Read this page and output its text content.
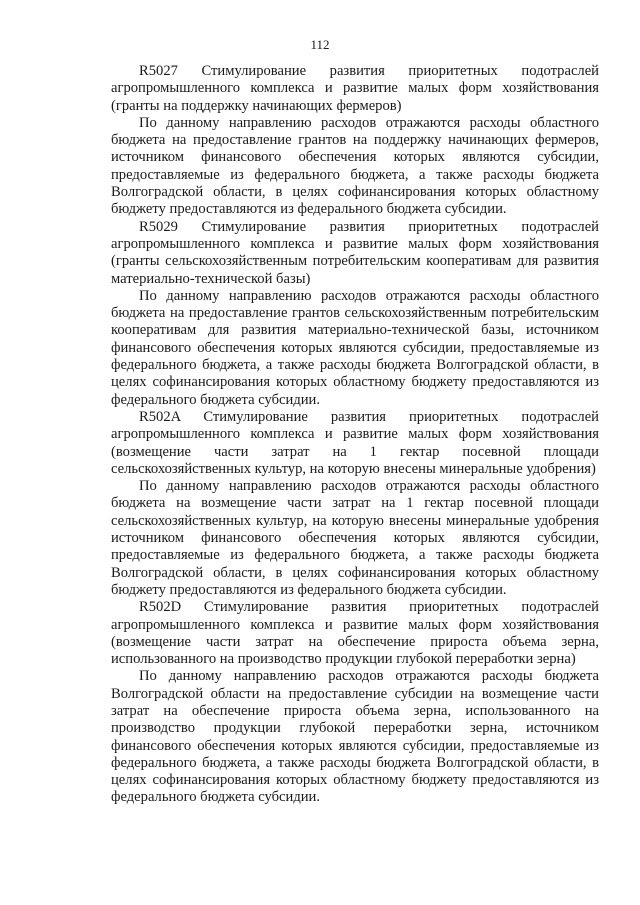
112

R5027 Стимулирование развития приоритетных подотраслей агропромышленного комплекса и развитие малых форм хозяйствования (гранты на поддержку начинающих фермеров)

По данному направлению расходов отражаются расходы областного бюджета на предоставление грантов на поддержку начинающих фермеров, источником финансового обеспечения которых являются субсидии, предоставляемые из федерального бюджета, а также расходы бюджета Волгоградской области, в целях софинансирования которых областному бюджету предоставляются из федерального бюджета субсидии.

R5029 Стимулирование развития приоритетных подотраслей агропромышленного комплекса и развитие малых форм хозяйствования (гранты сельскохозяйственным потребительским кооперативам для развития материально-технической базы)

По данному направлению расходов отражаются расходы областного бюджета на предоставление грантов сельскохозяйственным потребительским кооперативам для развития материально-технической базы, источником финансового обеспечения которых являются субсидии, предоставляемые из федерального бюджета, а также расходы бюджета Волгоградской области, в целях софинансирования которых областному бюджету предоставляются из федерального бюджета субсидии.

R502A Стимулирование развития приоритетных подотраслей агропромышленного комплекса и развитие малых форм хозяйствования (возмещение части затрат на 1 гектар посевной площади сельскохозяйственных культур, на которую внесены минеральные удобрения)

По данному направлению расходов отражаются расходы областного бюджета на возмещение части затрат на 1 гектар посевной площади сельскохозяйственных культур, на которую внесены минеральные удобрения источником финансового обеспечения которых являются субсидии, предоставляемые из федерального бюджета, а также расходы бюджета Волгоградской области, в целях софинансирования которых областному бюджету предоставляются из федерального бюджета субсидии.

R502D Стимулирование развития приоритетных подотраслей агропромышленного комплекса и развитие малых форм хозяйствования (возмещение части затрат на обеспечение прироста объема зерна, использованного на производство продукции глубокой переработки зерна)

По данному направлению расходов отражаются расходы бюджета Волгоградской области на предоставление субсидии на возмещение части затрат на обеспечение прироста объема зерна, использованного на производство продукции глубокой переработки зерна, источником финансового обеспечения которых являются субсидии, предоставляемые из федерального бюджета, а также расходы бюджета Волгоградской области, в целях софинансирования которых областному бюджету предоставляются из федерального бюджета субсидии.
